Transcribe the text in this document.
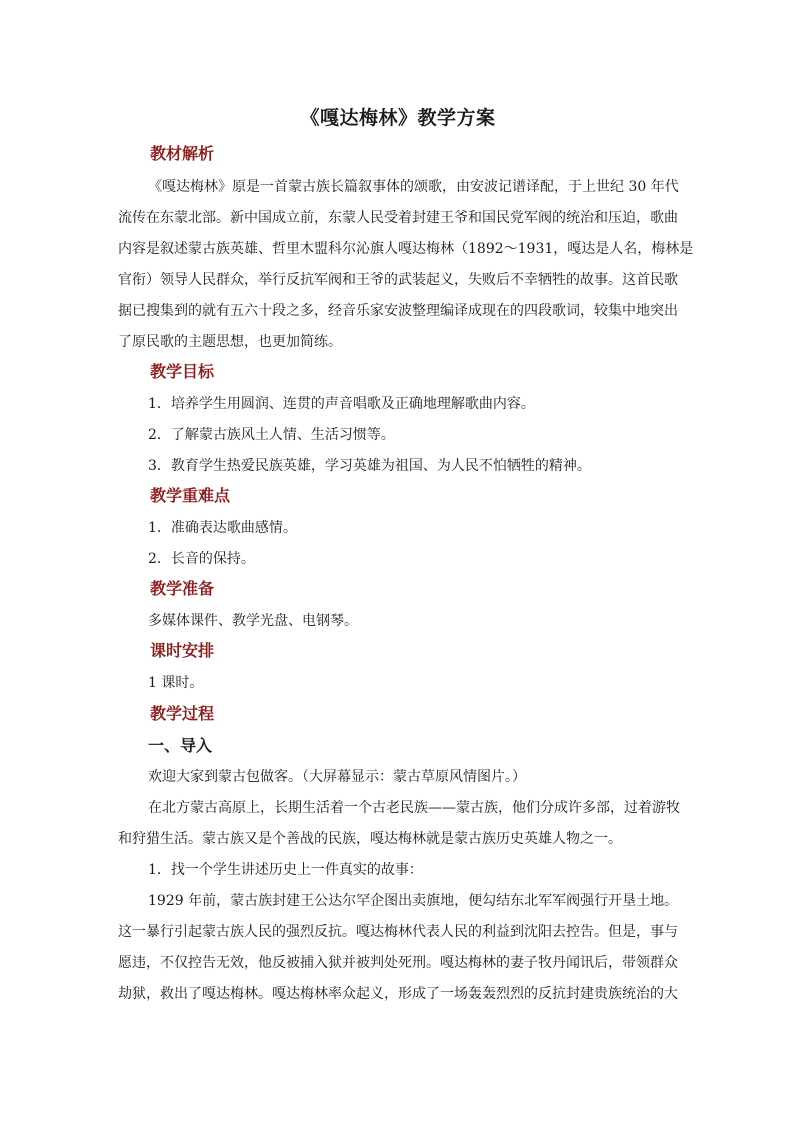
《嘎达梅林》教学方案
教材解析
《嘎达梅林》原是一首蒙古族长篇叙事体的颂歌，由安波记谱译配，于上世纪 30 年代
流传在东蒙北部。新中国成立前，东蒙人民受着封建王爷和国民党军阀的统治和压迫，歌曲
内容是叙述蒙古族英雄、哲里木盟科尔沁旗人嘎达梅林（1892～1931，嘎达是人名，梅林是
官衔）领导人民群众，举行反抗军阀和王爷的武装起义，失败后不幸牺牲的故事。这首民歌
据已搜集到的就有五六十段之多，经音乐家安波整理编译成现在的四段歌词，较集中地突出
了原民歌的主题思想，也更加简练。
教学目标
1．培养学生用圆润、连贯的声音唱歌及正确地理解歌曲内容。
2．了解蒙古族风土人情、生活习惯等。
3．教育学生热爱民族英雄，学习英雄为祖国、为人民不怕牺牲的精神。
教学重难点
1．准确表达歌曲感情。
2．长音的保持。
教学准备
多媒体课件、教学光盘、电钢琴。
课时安排
1 课时。
教学过程
一、导入
欢迎大家到蒙古包做客。（大屏幕显示：蒙古草原风情图片。）
在北方蒙古高原上，长期生活着一个古老民族——蒙古族，他们分成许多部，过着游牧
和狩猎生活。蒙古族又是个善战的民族，嘎达梅林就是蒙古族历史英雄人物之一。
1．找一个学生讲述历史上一件真实的故事：
1929 年前，蒙古族封建王公达尔罕企图出卖旗地，便勾结东北军军阀强行开垦土地。
这一暴行引起蒙古族人民的强烈反抗。嘎达梅林代表人民的利益到沈阳去控告。但是，事与
愿违，不仅控告无效，他反被捕入狱并被判处死刑。嘎达梅林的妻子牧丹闻讯后，带领群众
劫狱，救出了嘎达梅林。嘎达梅林率众起义，形成了一场轰轰烈烈的反抗封建贵族统治的大
